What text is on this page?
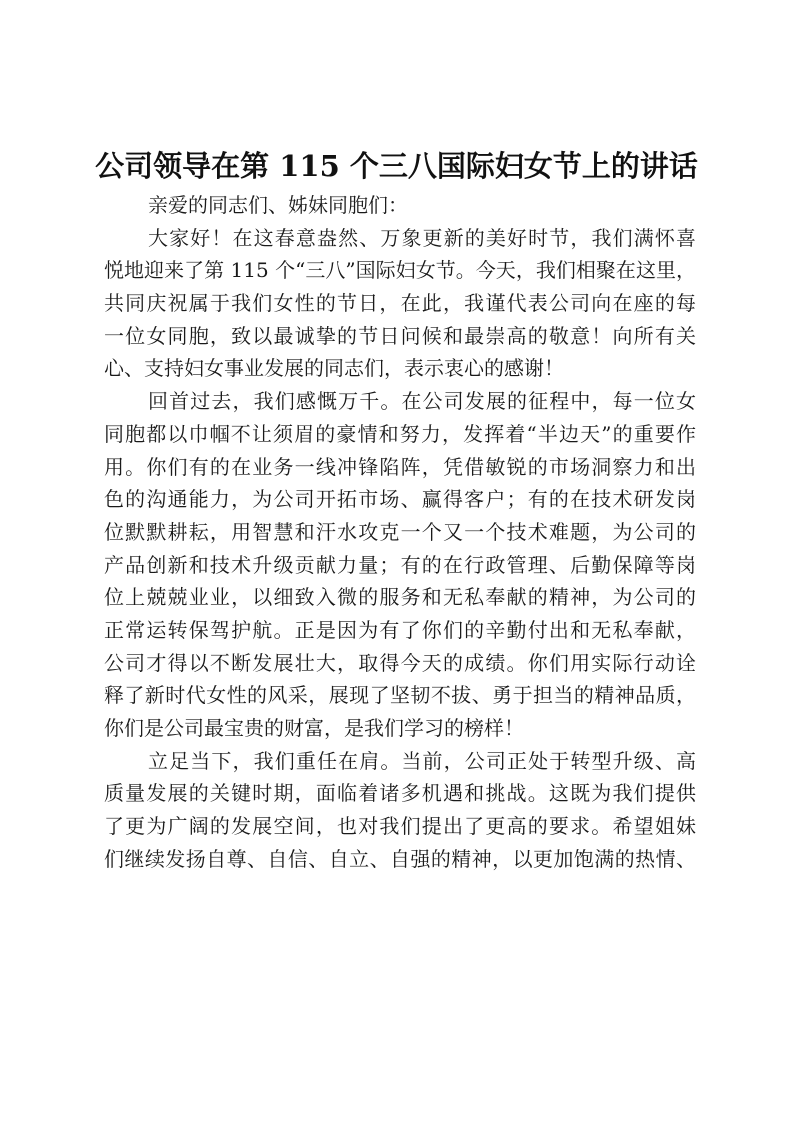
公司领导在第 115 个三八国际妇女节上的讲话
亲爱的同志们、姊妹同胞们：
大家好！在这春意盎然、万象更新的美好时节，我们满怀喜
悦地迎来了第 115 个“三八”国际妇女节。今天，我们相聚在这里，
共同庆祝属于我们女性的节日，在此，我谨代表公司向在座的每
一位女同胞，致以最诚挚的节日问候和最崇高的敬意！向所有关
心、支持妇女事业发展的同志们，表示衷心的感谢！
回首过去，我们感慨万千。在公司发展的征程中，每一位女
同胞都以巾帼不让须眉的豪情和努力，发挥着“半边天”的重要作
用。你们有的在业务一线冲锋陷阵，凭借敏锐的市场洞察力和出
色的沟通能力，为公司开拓市场、赢得客户；有的在技术研发岗
位默默耕耘，用智慧和汗水攻克一个又一个技术难题，为公司的
产品创新和技术升级贡献力量；有的在行政管理、后勤保障等岗
位上兢兢业业，以细致入微的服务和无私奉献的精神，为公司的
正常运转保驾护航。正是因为有了你们的辛勤付出和无私奉献，
公司才得以不断发展壮大，取得今天的成绩。你们用实际行动诠
释了新时代女性的风采，展现了坚韧不拔、勇于担当的精神品质，
你们是公司最宝贵的财富，是我们学习的榜样！
立足当下，我们重任在肩。当前，公司正处于转型升级、高
质量发展的关键时期，面临着诸多机遇和挑战。这既为我们提供
了更为广阔的发展空间，也对我们提出了更高的要求。希望姐妹
们继续发扬自尊、自信、自立、自强的精神，以更加饱满的热情、
